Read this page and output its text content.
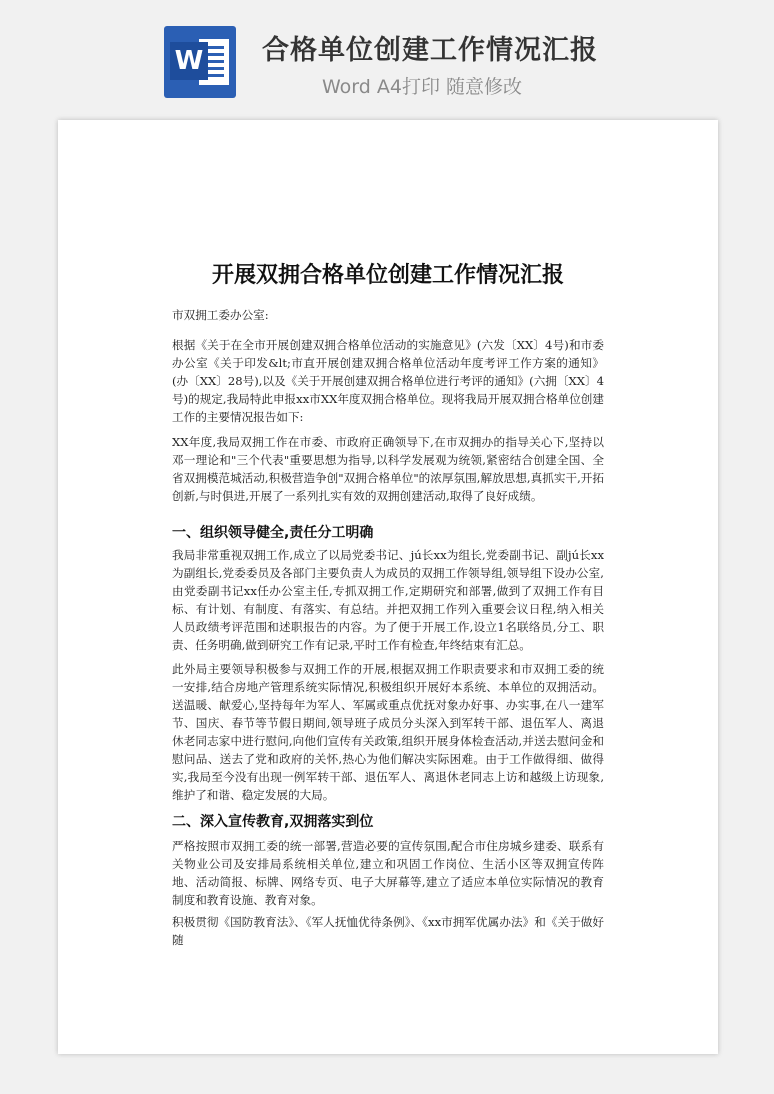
W 合格单位创建工作情况汇报
Word A4打印 随意修改
开展双拥合格单位创建工作情况汇报

市双拥工委办公室:

根据《关于在全市开展创建双拥合格单位活动的实施意见》(六发〔XX〕4号)和市委办公室《关于印发&lt;市直开展创建双拥合格单位活动年度考评工作方案的通知》(办〔XX〕28号),以及《关于开展创建双拥合格单位进行考评的通知》(六拥〔XX〕4号)的规定,我局特此申报xx市XX年度双拥合格单位。现将我局开展双拥合格单位创建工作的主要情况报告如下:

XX年度,我局双拥工作在市委、市政府正确领导下,在市双拥办的指导关心下,坚持以邓一理论和"三个代表"重要思想为指导,以科学发展观为统领,紧密结合创建全国、全省双拥模范城活动,积极营造争创"双拥合格单位"的浓厚氛围,解放思想,真抓实干,开拓创新,与时俱进,开展了一系列扎实有效的双拥创建活动,取得了良好成绩。

一、组织领导健全,责任分工明确

我局非常重视双拥工作,成立了以局党委书记、jú长xx为组长,党委副书记、副jú长xx为副组长,党委委员及各部门主要负责人为成员的双拥工作领导组,领导组下设办公室,由党委副书记xx任办公室主任,专抓双拥工作,定期研究和部署,做到了双拥工作有目标、有计划、有制度、有落实、有总结。并把双拥工作列入重要会议日程,纳入相关人员政绩考评范围和述职报告的内容。为了便于开展工作,设立1名联络员,分工、职责、任务明确,做到研究工作有记录,平时工作有检查,年终结束有汇总。

此外局主要领导积极参与双拥工作的开展,根据双拥工作职责要求和市双拥工委的统一安排,结合房地产管理系统实际情况,积极组织开展好本系统、本单位的双拥活动。送温暖、献爱心,坚持每年为军人、军属或重点优抚对象办好事、办实事,在八一建军节、国庆、春节等节假日期间,领导班子成员分头深入到军转干部、退伍军人、离退休老同志家中进行慰问,向他们宣传有关政策,组织开展身体检查活动,并送去慰问金和慰问品、送去了党和政府的关怀,热心为他们解决实际困难。由于工作做得细、做得实,我局至今没有出现一例军转干部、退伍军人、离退休老同志上访和越级上访现象,维护了和谐、稳定发展的大局。

二、深入宣传教育,双拥落实到位

严格按照市双拥工委的统一部署,营造必要的宣传氛围,配合市住房城乡建委、联系有关物业公司及安排局系统相关单位,建立和巩固工作岗位、生活小区等双拥宣传阵地、活动简报、标牌、网络专页、电子大屏幕等,建立了适应本单位实际情况的教育制度和教育设施、教育对象。

积极贯彻《国防教育法》、《军人抚恤优待条例》、《xx市拥军优属办法》和《关于做好随
